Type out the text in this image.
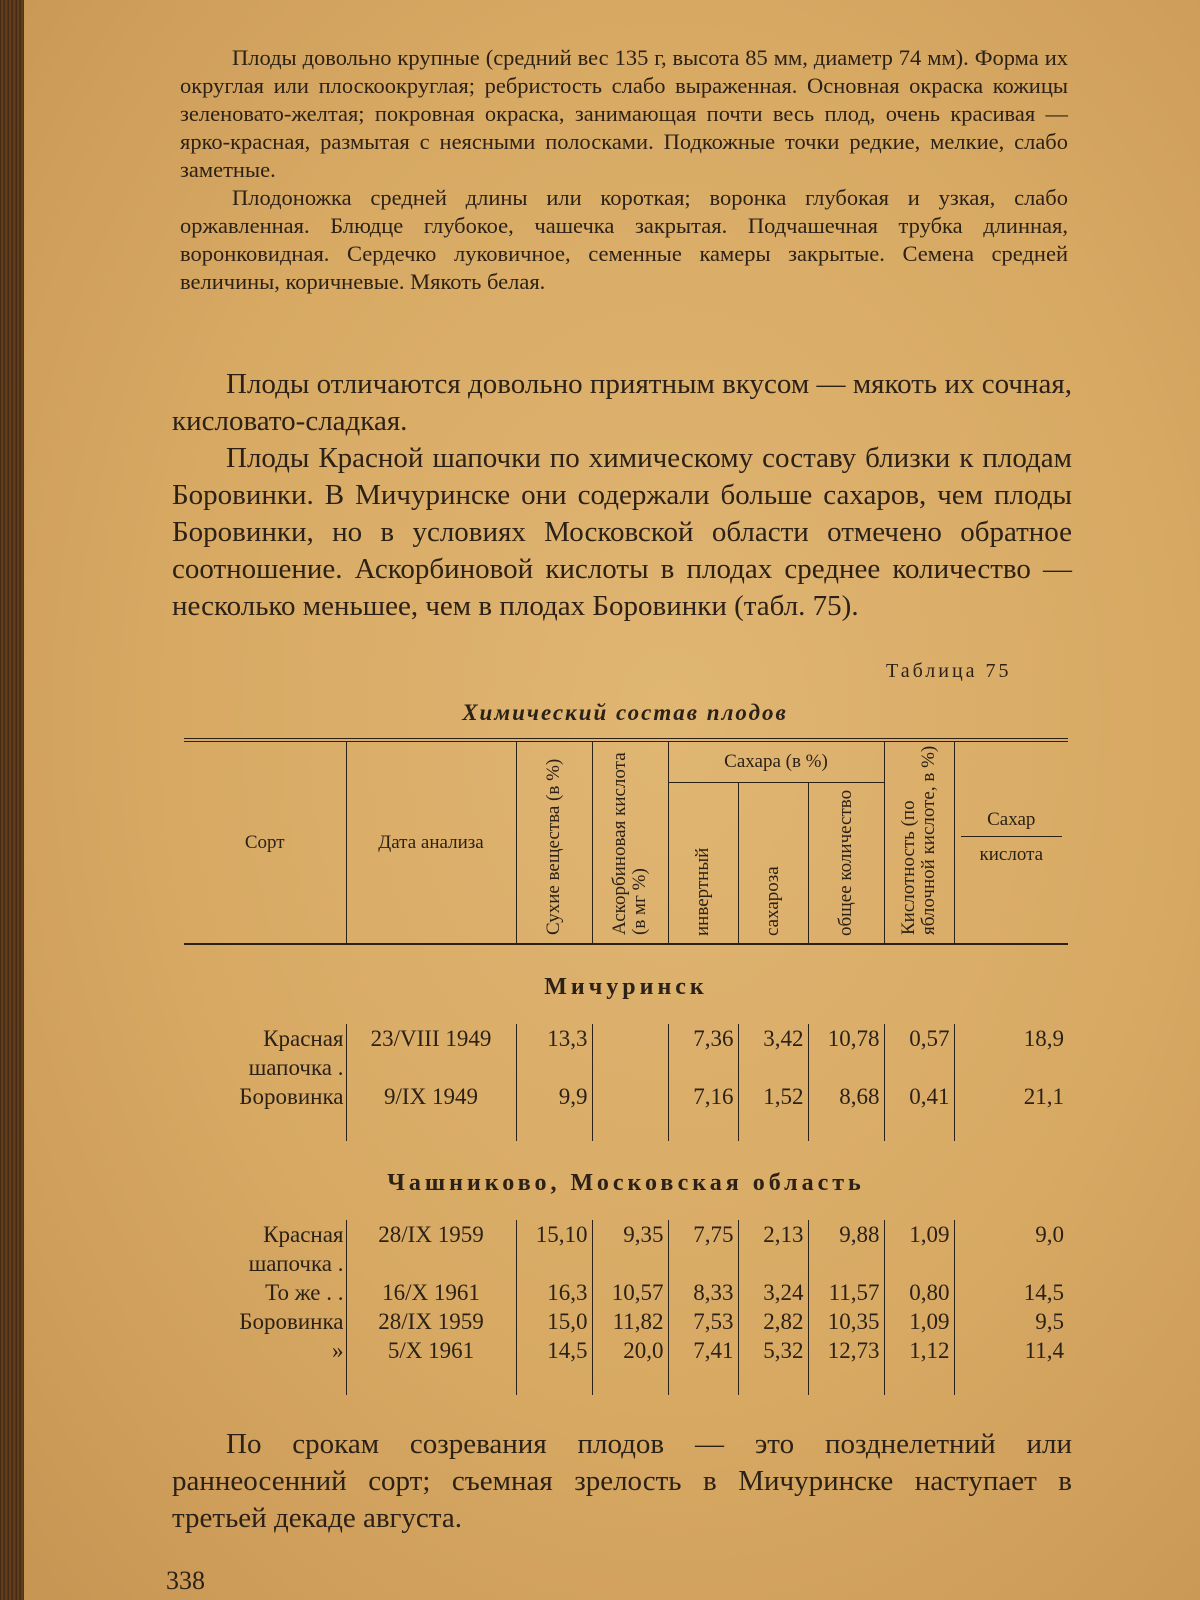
Плоды довольно крупные (средний вес 135 г, высота 85 мм, диаметр 74 мм). Форма их округлая или плоскоокруглая; ребристость слабо выраженная. Основная окраска кожицы зеленовато-желтая; покровная окраска, занимающая почти весь плод, очень красивая — ярко-красная, размытая с неясными полосками. Подкожные точки редкие, мелкие, слабо заметные.

Плодоножка средней длины или короткая; воронка глубокая и узкая, слабо оржавленная. Блюдце глубокое, чашечка закрытая. Подчашечная трубка длинная, воронковидная. Сердечко луковичное, семенные камеры закрытые. Семена средней величины, коричневые. Мякоть белая.

Плоды отличаются довольно приятным вкусом — мякоть их сочная, кисловато-сладкая.

Плоды Красной шапочки по химическому составу близки к плодам Боровинки. В Мичуринске они содержали больше сахаров, чем плоды Боровинки, но в условиях Московской области отмечено обратное соотношение. Аскорбиновой кислоты в плодах среднее количество — несколько меньшее, чем в плодах Боровинки (табл. 75).

Таблица 75
Химический состав плодов
Сорт	Дата анализа	Сухие вещества (в %)	Аскорбиновая кислота (в мг %)	Сахара (в %)			Кислотность (по яблочной кислоте, в %)	Сахар
кислота

				инвертный	сахароза	общее количество		
Мичуринск								
Красная шапочка .	23/VIII 1949	13,3		7,36	3,42	10,78	0,57	18,9
Боровинка	9/IX 1949	9,9		7,16	1,52	8,68	0,41	21,1

Чашниково, Московская область								
Красная шапочка .	28/IX 1959	15,10	9,35	7,75	2,13	9,88	1,09	9,0
То же . .	16/X 1961	16,3	10,57	8,33	3,24	11,57	0,80	14,5
Боровинка	28/IX 1959	15,0	11,82	7,53	2,82	10,35	1,09	9,5
»	5/X 1961	14,5	20,0	7,41	5,32	12,73	1,12	11,4

По срокам созревания плодов — это позднелетний или раннеосенний сорт; съемная зрелость в Мичуринске наступает в третьей декаде августа.

338
